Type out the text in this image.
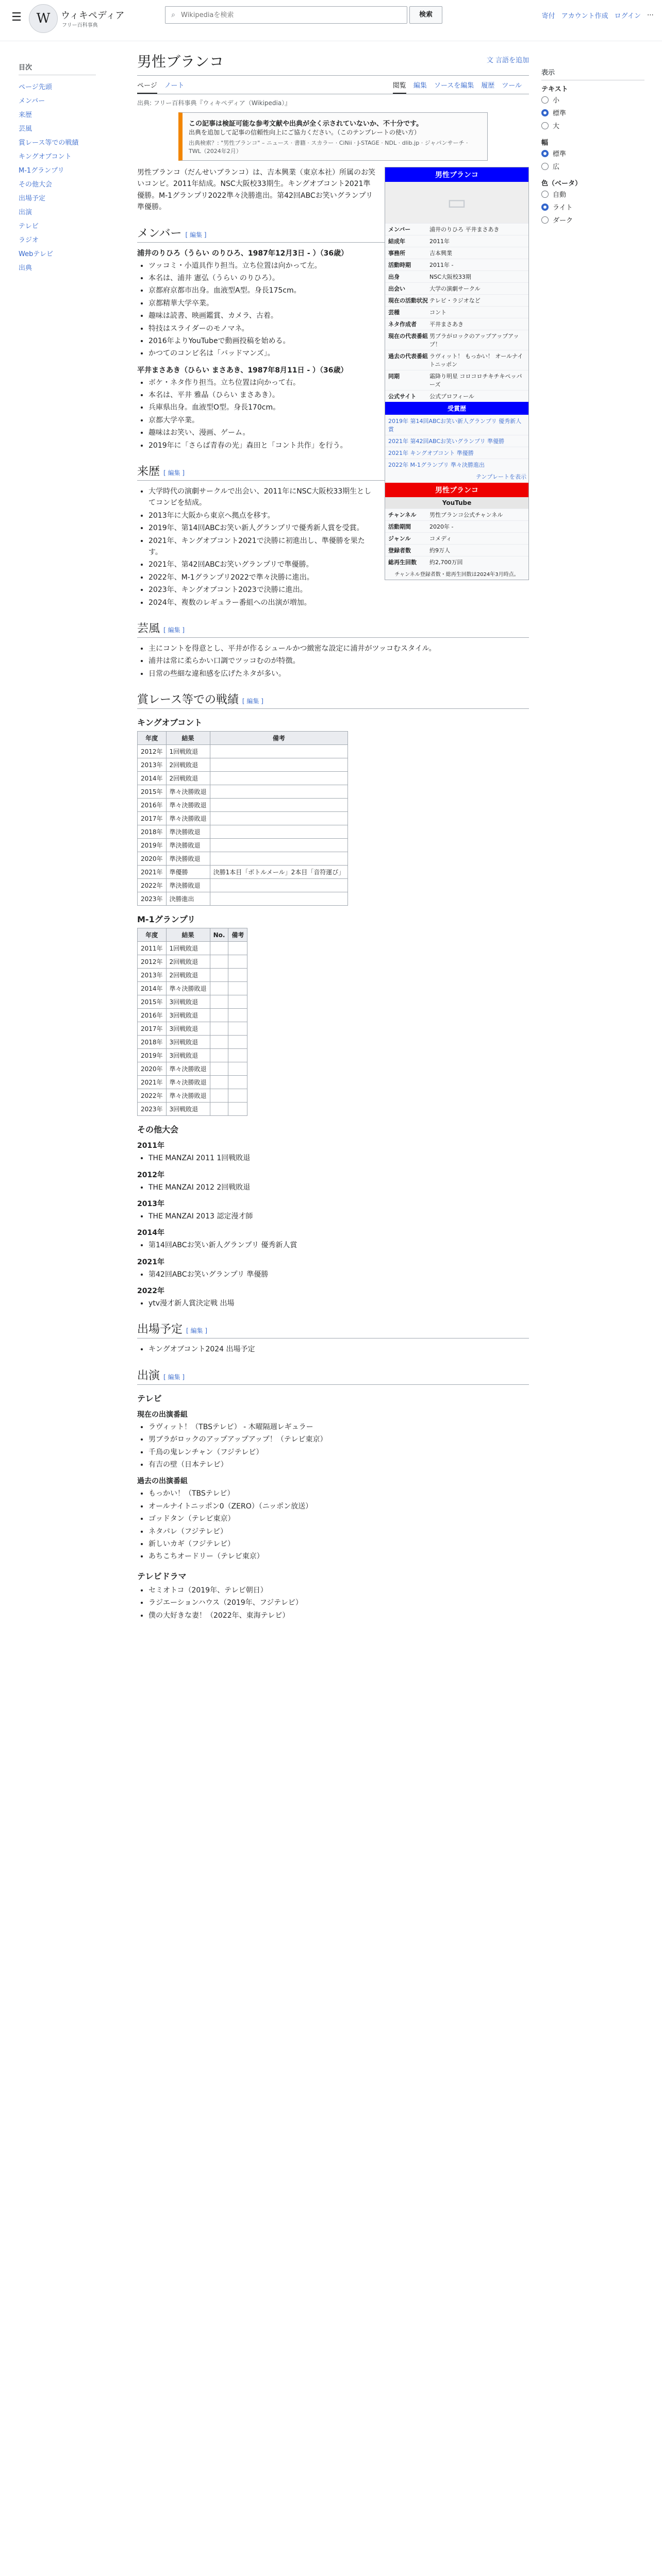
☰	W	ウィキペディア
フリー百科事典
⌕
Wikipediaを検索	検索	寄付 アカウント作成 ログイン ⋯
目次
ページ先頭
メンバー
来歴
芸風
賞レース等での戦績
キングオブコント
M-1グランプリ
その他大会
出場予定
出演
テレビ
ラジオ
Webテレビ
出典
表示
テキスト
小
標準
大
幅
標準
広
色（ベータ）
自動
ライト
ダーク
男性ブランコ	文 言語を追加
ページ ノート	閲覧 編集 ソースを編集 履歴 ツール
出典: フリー百科事典『ウィキペディア（Wikipedia）』
この記事は検証可能な参考文献や出典が全く示されていないか、不十分です。
出典を追加して記事の信頼性向上にご協力ください。（このテンプレートの使い方）
出典検索？: "男性ブランコ" – ニュース · 書籍 · スカラー · CiNii · J-STAGE · NDL · dlib.jp · ジャパンサーチ · TWL（2024年2月）
男性ブランコ
▭
メンバー	浦井のりひろ 平井まさあき
結成年	2011年
事務所	吉本興業
活動時期	2011年 -
出身	NSC大阪校33期
出会い	大学の演劇サークル
現在の活動状況 テレビ・ラジオなど
芸種	コント
ネタ作成者	平井まさあき
現在の代表番組 男ブラがロックのアップアップアップ！
過去の代表番組 ラヴィット！ もっかい！ オールナイトニッポン
同期	霜降り明星 コロコロチキチキペッパーズ
公式サイト	公式プロフィール
受賞歴
2019年 第14回ABCお笑い新人グランプリ 優秀新人賞
2021年 第42回ABCお笑いグランプリ 準優勝
2021年 キングオブコント 準優勝
2022年 M-1グランプリ 準々決勝進出
テンプレートを表示
男性ブランコ
YouTube
チャンネル	男性ブランコ公式チャンネル
活動期間	2020年 -
ジャンル	コメディ
登録者数	約9万人
総再生回数	約2,700万回
チャンネル登録者数・総再生回数は2024年3月時点。

男性ブランコ（だんせいブランコ）は、吉本興業（東京本社）所属のお笑いコンビ。2011年結成。NSC大阪校33期生。キングオブコント2021準優勝。M-1グランプリ2022準々決勝進出。第42回ABCお笑いグランプリ準優勝。

メンバー [ 編集 ]
浦井のりひろ（うらい のりひろ、1987年12月3日 - ）（36歳）
• ツッコミ・小道具作り担当。立ち位置は向かって左。
• 本名は、浦井 憲弘（うらい のりひろ）。
• 京都府京都市出身。血液型A型。身長175cm。
• 京都精華大学卒業。
• 趣味は読書、映画鑑賞、カメラ、古着。
• 特技はスライダーのモノマネ。
• 2016年よりYouTubeで動画投稿を始める。
• かつてのコンビ名は「バッドマンズ」。
平井まさあき（ひらい まさあき、1987年8月11日 - ）（36歳）
• ボケ・ネタ作り担当。立ち位置は向かって右。
• 本名は、平井 雅晶（ひらい まさあき）。
• 兵庫県出身。血液型O型。身長170cm。
• 京都大学卒業。
• 趣味はお笑い、漫画、ゲーム。
• 2019年に「さらば青春の光」森田と「コント共作」を行う。
来歴 [ 編集 ]
• 大学時代の演劇サークルで出会い、2011年にNSC大阪校33期生としてコンビを結成。
• 2013年に大阪から東京へ拠点を移す。
• 2019年、第14回ABCお笑い新人グランプリで優秀新人賞を受賞。
• 2021年、キングオブコント2021で決勝に初進出し、準優勝を果たす。
• 2021年、第42回ABCお笑いグランプリで準優勝。
• 2022年、M-1グランプリ2022で準々決勝に進出。
• 2023年、キングオブコント2023で決勝に進出。
• 2024年、複数のレギュラー番組への出演が増加。
芸風 [ 編集 ]
• 主にコントを得意とし、平井が作るシュールかつ緻密な設定に浦井がツッコむスタイル。
• 浦井は常に柔らかい口調でツッコむのが特徴。
• 日常の些細な違和感を広げたネタが多い。
賞レース等での戦績 [ 編集 ]
キングオブコント
年度	結果	備考
2012年	1回戦敗退	
2013年	2回戦敗退	
2014年	2回戦敗退	
2015年	準々決勝敗退	
2016年	準々決勝敗退	
2017年	準々決勝敗退	
2018年	準決勝敗退	
2019年	準決勝敗退	
2020年	準決勝敗退	
2021年	準優勝	決勝1本目「ボトルメール」2本目「音符運び」
2022年	準決勝敗退	
2023年	決勝進出	
M-1グランプリ
年度	結果	No.	備考
2011年	1回戦敗退		
2012年	2回戦敗退		
2013年	2回戦敗退		
2014年	準々決勝敗退		
2015年	3回戦敗退		
2016年	3回戦敗退		
2017年	3回戦敗退		
2018年	3回戦敗退		
2019年	3回戦敗退		
2020年	準々決勝敗退		
2021年	準々決勝敗退		
2022年	準々決勝敗退		
2023年	3回戦敗退		
その他大会
2011年
• THE MANZAI 2011 1回戦敗退
2012年
• THE MANZAI 2012 2回戦敗退
2013年
• THE MANZAI 2013 認定漫才師
2014年
• 第14回ABCお笑い新人グランプリ 優秀新人賞
2021年
• 第42回ABCお笑いグランプリ 準優勝
2022年
• ytv漫才新人賞決定戦 出場
出場予定 [ 編集 ]
• キングオブコント2024 出場予定
出演 [ 編集 ]
テレビ
現在の出演番組
• ラヴィット！（TBSテレビ） - 木曜隔週レギュラー
• 男ブラがロックのアップアップアップ！（テレビ東京）
• 千鳥の鬼レンチャン（フジテレビ）
• 有吉の壁（日本テレビ）
過去の出演番組
• もっかい！（TBSテレビ）
• オールナイトニッポン0（ZERO）（ニッポン放送）
• ゴッドタン（テレビ東京）
• ネタパレ（フジテレビ）
• 新しいカギ（フジテレビ）
• あちこちオードリー（テレビ東京）
テレビドラマ
• セミオトコ（2019年、テレビ朝日）
• ラジエーションハウス（2019年、フジテレビ）
• 僕の大好きな妻！（2022年、東海テレビ）
